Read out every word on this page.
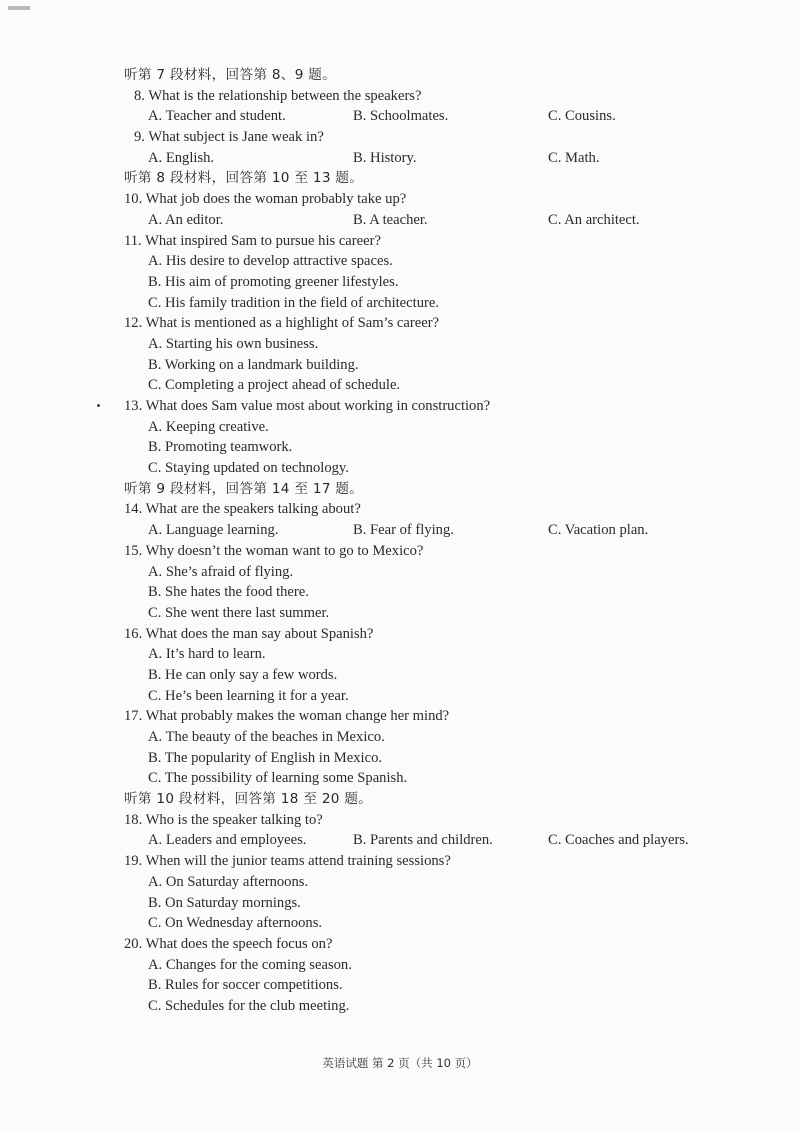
听第 7 段材料，回答第 8、9 题。
8. What is the relationship between the speakers?
A. Teacher and student.	B. Schoolmates.	C. Cousins.
9. What subject is Jane weak in?
A. English.	B. History.	C. Math.
听第 8 段材料，回答第 10 至 13 题。
10. What job does the woman probably take up?
A. An editor.	B. A teacher.	C. An architect.
11. What inspired Sam to pursue his career?
A. His desire to develop attractive spaces.
B. His aim of promoting greener lifestyles.
C. His family tradition in the field of architecture.
12. What is mentioned as a highlight of Sam’s career?
A. Starting his own business.
B. Working on a landmark building.
C. Completing a project ahead of schedule.
13. What does Sam value most about working in construction?
A. Keeping creative.
B. Promoting teamwork.
C. Staying updated on technology.
听第 9 段材料，回答第 14 至 17 题。
14. What are the speakers talking about?
A. Language learning.	B. Fear of flying.	C. Vacation plan.
15. Why doesn’t the woman want to go to Mexico?
A. She’s afraid of flying.
B. She hates the food there.
C. She went there last summer.
16. What does the man say about Spanish?
A. It’s hard to learn.
B. He can only say a few words.
C. He’s been learning it for a year.
17. What probably makes the woman change her mind?
A. The beauty of the beaches in Mexico.
B. The popularity of English in Mexico.
C. The possibility of learning some Spanish.
听第 10 段材料，回答第 18 至 20 题。
18. Who is the speaker talking to?
A. Leaders and employees.	B. Parents and children.	C. Coaches and players.
19. When will the junior teams attend training sessions?
A. On Saturday afternoons.
B. On Saturday mornings.
C. On Wednesday afternoons.
20. What does the speech focus on?
A. Changes for the coming season.
B. Rules for soccer competitions.
C. Schedules for the club meeting.
英语试题 第 2 页（共 10 页）
